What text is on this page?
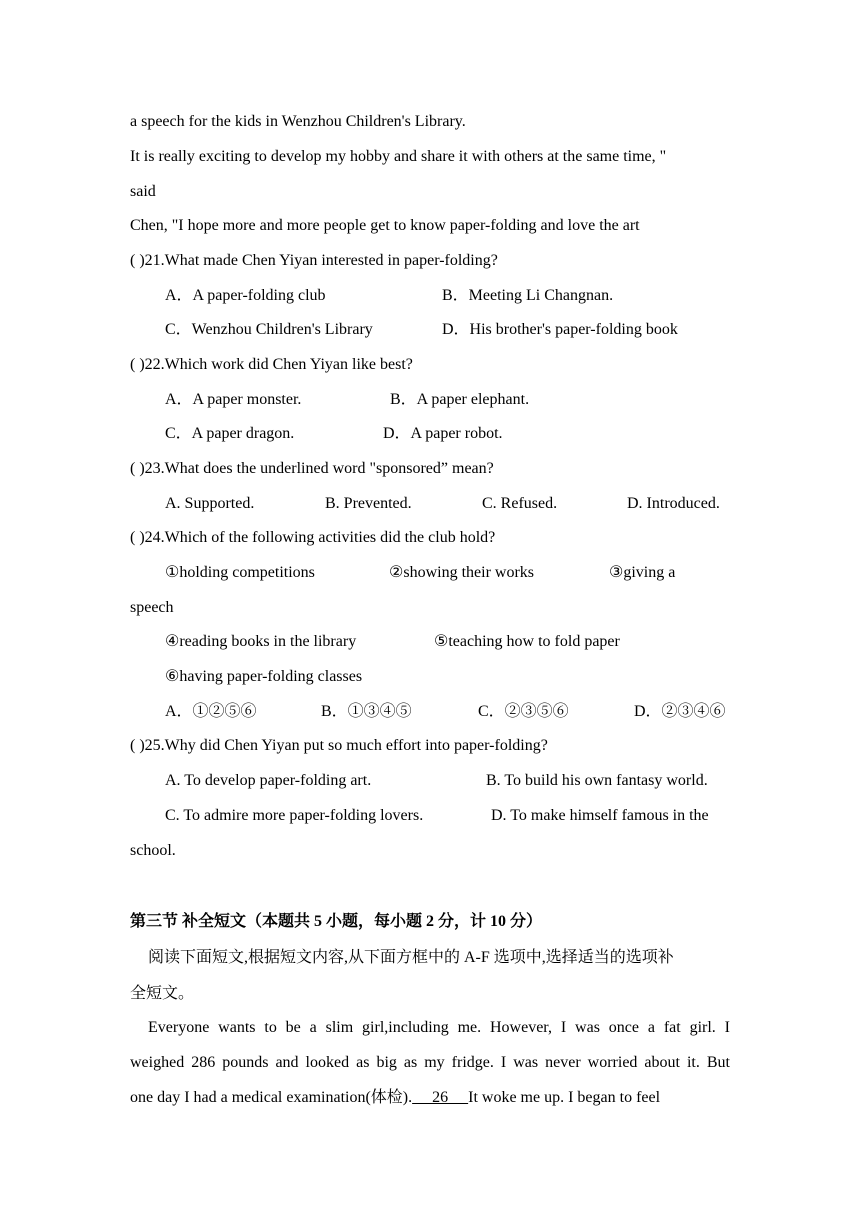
a speech for the kids in Wenzhou Children's Library.
It is really exciting to develop my hobby and share it with others at the same time, "
said
Chen, "I hope more and more people get to know paper-folding and love the art
( )21.What made Chen Yiyan interested in paper-folding?
A．A paper-folding club	B．Meeting Li Changnan.
C．Wenzhou Children's Library	D．His brother's paper-folding book
( )22.Which work did Chen Yiyan like best?
A．A paper monster.	B．A paper elephant.
C．A paper dragon.	D．A paper robot.
( )23.What does the underlined word "sponsored” mean?
A. Supported.	B. Prevented.	C. Refused.	D. Introduced.
( )24.Which of the following activities did the club hold?
①holding competitions	②showing their works	③giving a
speech
④reading books in the library	⑤teaching how to fold paper
⑥having paper-folding classes
A．①②⑤⑥	B．①③④⑤	C．②③⑤⑥	D．②③④⑥
( )25.Why did Chen Yiyan put so much effort into paper-folding?
A. To develop paper-folding art.	B. To build his own fantasy world.
C. To admire more paper-folding lovers.	D. To make himself famous in the
school.
第三节 补全短文（本题共 5 小题，每小题 2 分，计 10 分）
阅读下面短文,根据短文内容,从下面方框中的 A-F 选项中,选择适当的选项补
全短文。
Everyone wants to be a slim girl,including me. However, I was once a fat girl. I
weighed 286 pounds and looked as big as my fridge. I was never worried about it. But
one day I had a medical examination(体检).     26     It woke me up. I began to feel
